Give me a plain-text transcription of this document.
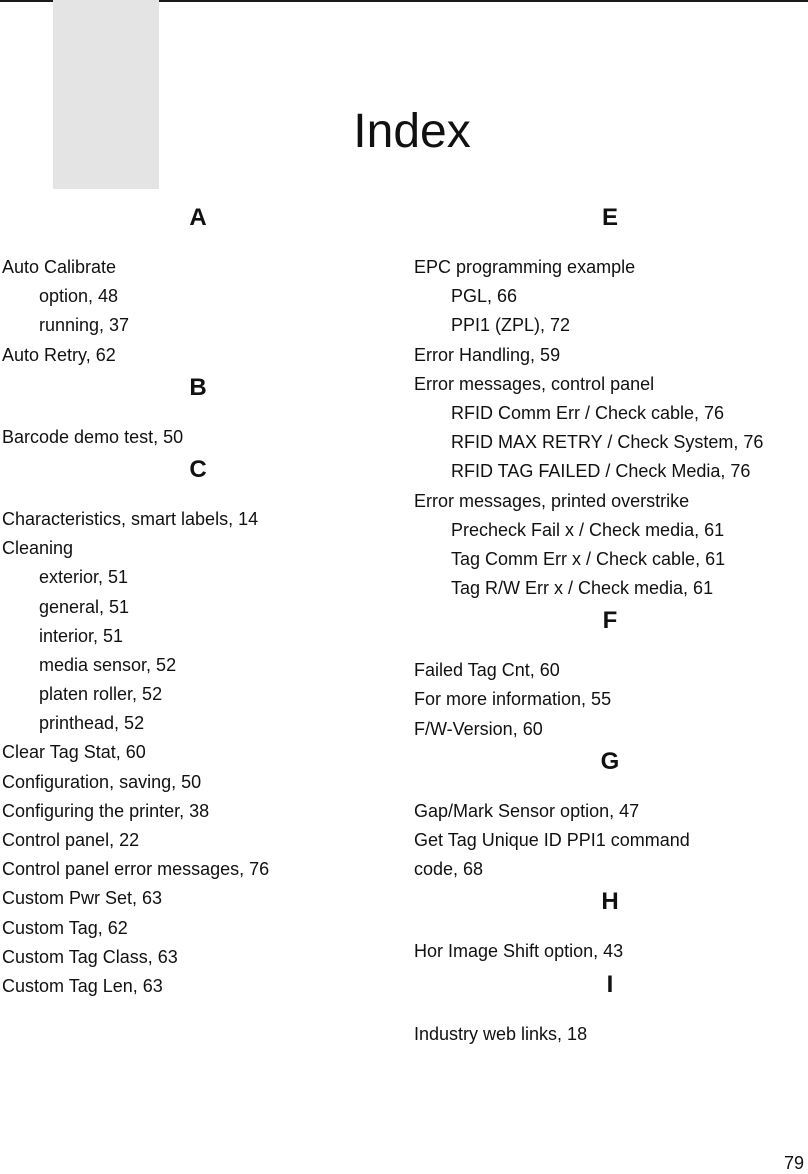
Index
A
Auto Calibrate
option, 48
running, 37
Auto Retry, 62
B
Barcode demo test, 50
C
Characteristics, smart labels, 14
Cleaning
exterior, 51
general, 51
interior, 51
media sensor, 52
platen roller, 52
printhead, 52
Clear Tag Stat, 60
Configuration, saving, 50
Configuring the printer, 38
Control panel, 22
Control panel error messages, 76
Custom Pwr Set, 63
Custom Tag, 62
Custom Tag Class, 63
Custom Tag Len, 63
E
EPC programming example
PGL, 66
PPI1 (ZPL), 72
Error Handling, 59
Error messages, control panel
RFID Comm Err / Check cable, 76
RFID MAX RETRY / Check System, 76
RFID TAG FAILED / Check Media, 76
Error messages, printed overstrike
Precheck Fail x / Check media, 61
Tag Comm Err x / Check cable, 61
Tag R/W Err x / Check media, 61
F
Failed Tag Cnt, 60
For more information, 55
F/W-Version, 60
G
Gap/Mark Sensor option, 47
Get Tag Unique ID PPI1 command
code, 68
H
Hor Image Shift option, 43
I
Industry web links, 18
79
